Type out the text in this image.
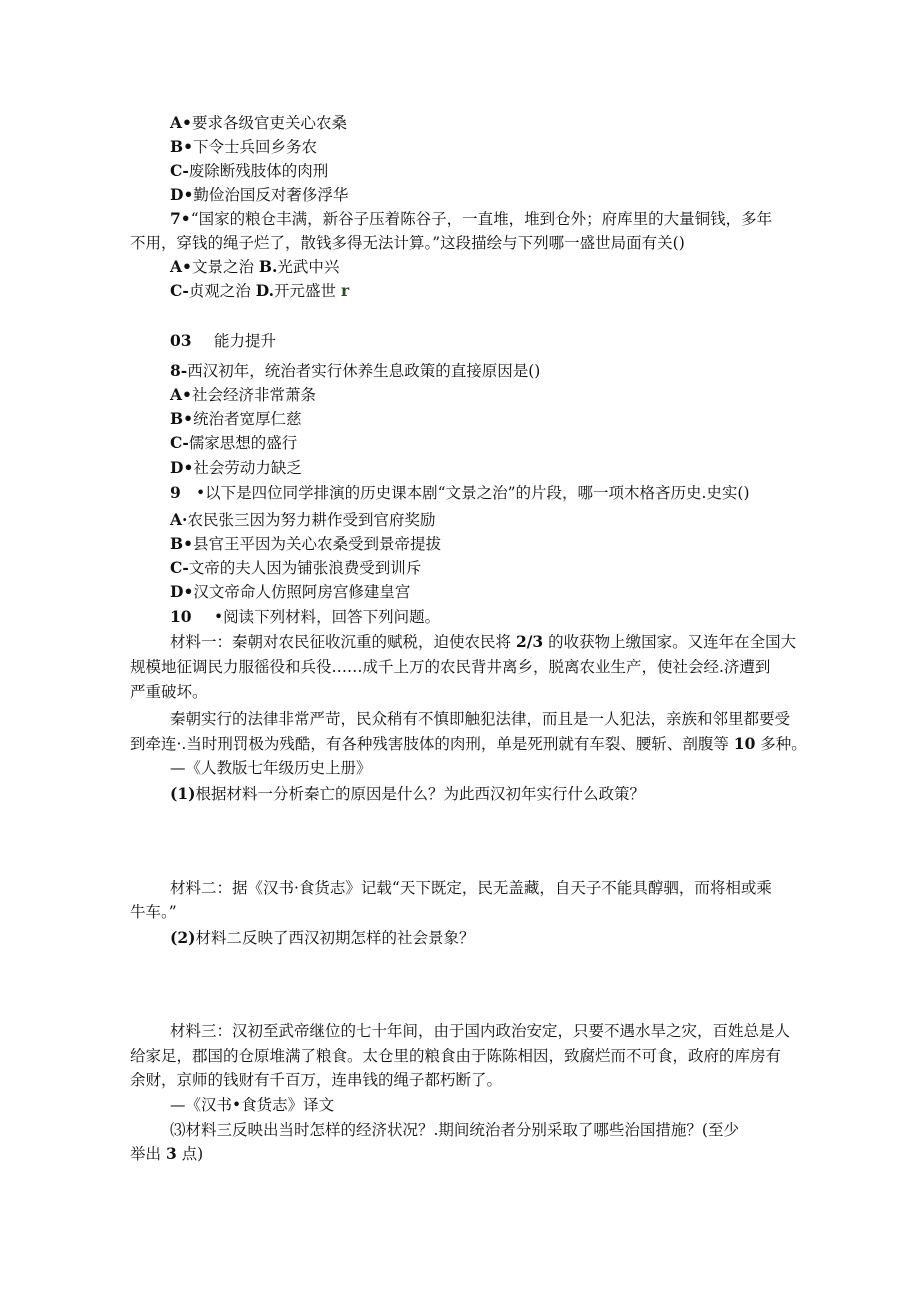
A•要求各级官吏关心农桑
B•下令士兵回乡务农
C-废除断残肢体的肉刑
D•勤俭治国反对奢侈浮华
7•“国家的粮仓丰满，新谷子压着陈谷子，一直堆，堆到仓外；府库里的大量铜钱，多年
不用，穿钱的绳子烂了，散钱多得无法计算。”这段描绘与下列哪一盛世局面有关()
A•文景之治 B.光武中兴
C-贞观之治 D.开元盛世 r
03 能力提升
8-西汉初年，统治者实行休养生息政策的直接原因是()
A•社会经济非常萧条
B•统治者宽厚仁慈
C-儒家思想的盛行
D•社会劳动力缺乏
9 •以下是四位同学排演的历史课本剧“文景之治”的片段，哪一项木格吝历史.史实()
A·农民张三因为努力耕作受到官府奖励
B•县官王平因为关心农桑受到景帝提拔
C-文帝的夫人因为铺张浪费受到训斥
D•汉文帝命人仿照阿房宫修建皇宫
10 •阅读下列材料，回答下列问题。
材料一：秦朝对农民征收沉重的赋税，迫使农民将 2/3 的收获物上缴国家。又连年在全国大
规模地征调民力服徭役和兵役……成千上万的农民背井离乡，脱离农业生产，使社会经.济遭到
严重破坏。
秦朝实行的法律非常严苛，民众稍有不慎即触犯法律，而且是一人犯法，亲族和邻里都要受
到牵连·.当时刑罚极为残酷，有各种残害肢体的肉刑，单是死刑就有车裂、腰斩、剖腹等 10 多种。
—《人教版七年级历史上册》
(1)根据材料一分析秦亡的原因是什么？为此西汉初年实行什么政策？
材料二：据《汉书·食货志》记载“天下既定，民无盖藏，自天子不能具醇驷，而将相或乘
牛车。”
(2)材料二反映了西汉初期怎样的社会景象？
材料三：汉初至武帝继位的七十年间，由于国内政治安定，只要不遇水旱之灾，百姓总是人
给家足，郡国的仓原堆满了粮食。太仓里的粮食由于陈陈相因，致腐烂而不可食，政府的库房有
余财，京师的钱财有千百万，连串钱的绳子都朽断了。
—《汉书•食货志》译文
⑶材料三反映出当时怎样的经济状况？.期间统治者分别采取了哪些治国措施？(至少
举出 3 点)
